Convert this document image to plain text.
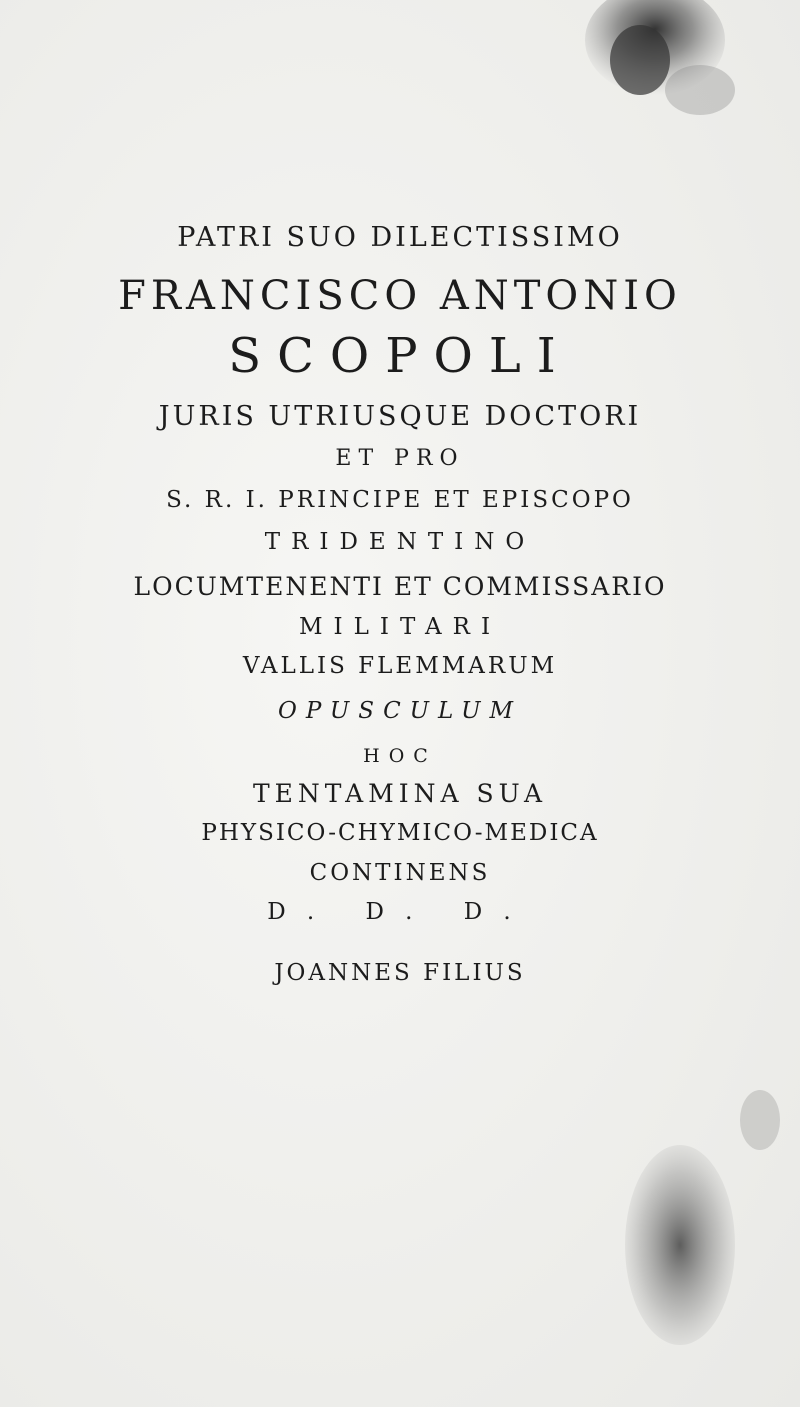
PATRI SUO DILECTISSIMO
FRANCISCO ANTONIO
SCOPOLI
JURIS UTRIUSQUE DOCTORI
ET PRO
S. R. I. PRINCIPE ET EPISCOPO
TRIDENTINO
LOCUMTENENTI ET COMMISSARIO
MILITARI
VALLIS FLEMMARUM
OPUSCULUM
HOC
TENTAMINA SUA
PHYSICO-CHYMICO-MEDICA
CONTINENS
D. D. D.
JOANNES FILIUS
